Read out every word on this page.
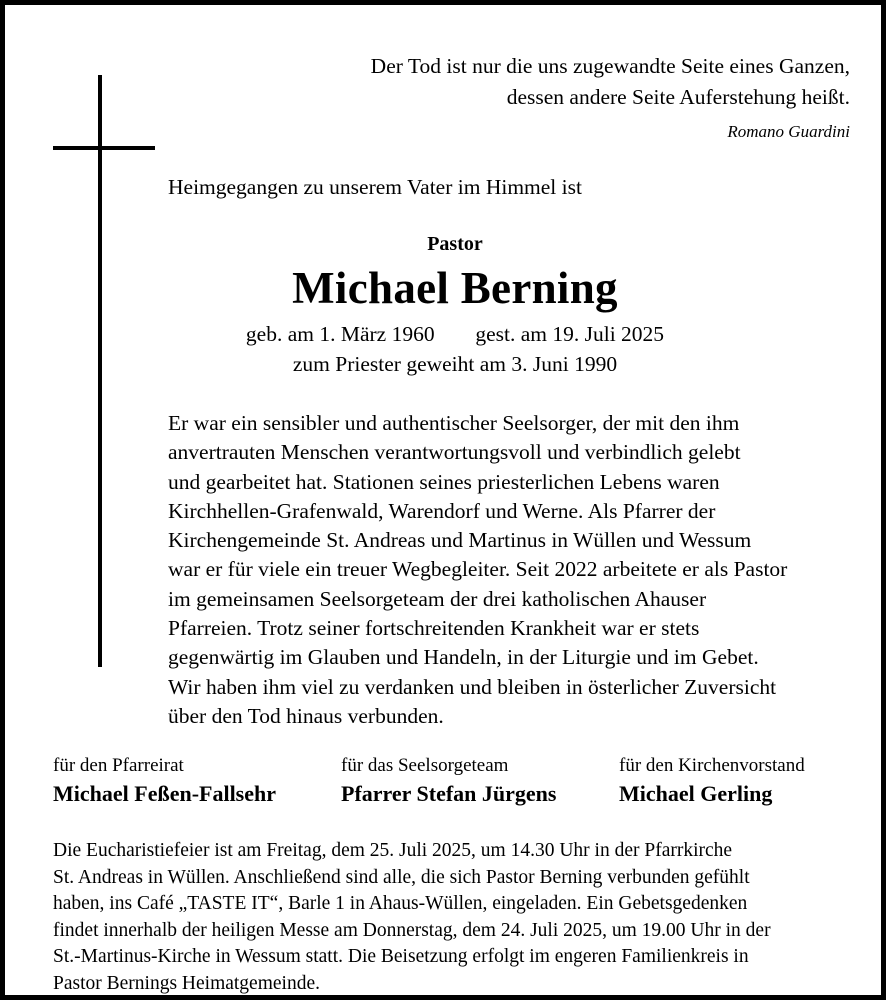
Der Tod ist nur die uns zugewandte Seite eines Ganzen,
dessen andere Seite Auferstehung heißt.
Romano Guardini
Heimgegangen zu unserem Vater im Himmel ist
Pastor
Michael Berning
geb. am 1. März 1960 gest. am 19. Juli 2025
zum Priester geweiht am 3. Juni 1990
Er war ein sensibler und authentischer Seelsorger, der mit den ihm
anvertrauten Menschen verantwortungsvoll und verbindlich gelebt
und gearbeitet hat. Stationen seines priesterlichen Lebens waren
Kirchhellen-Grafenwald, Warendorf und Werne. Als Pfarrer der
Kirchengemeinde St. Andreas und Martinus in Wüllen und Wessum
war er für viele ein treuer Wegbegleiter. Seit 2022 arbeitete er als Pastor
im gemeinsamen Seelsorgeteam der drei katholischen Ahauser
Pfarreien. Trotz seiner fortschreitenden Krankheit war er stets
gegenwärtig im Glauben und Handeln, in der Liturgie und im Gebet.
Wir haben ihm viel zu verdanken und bleiben in österlicher Zuversicht
über den Tod hinaus verbunden.
für den Pfarreirat
Michael Feßen-Fallsehr
für das Seelsorgeteam
Pfarrer Stefan Jürgens
für den Kirchenvorstand
Michael Gerling
Die Eucharistiefeier ist am Freitag, dem 25. Juli 2025, um 14.30 Uhr in der Pfarrkirche
St. Andreas in Wüllen. Anschließend sind alle, die sich Pastor Berning verbunden gefühlt
haben, ins Café „TASTE IT“, Barle 1 in Ahaus-Wüllen, eingeladen. Ein Gebetsgedenken
findet innerhalb der heiligen Messe am Donnerstag, dem 24. Juli 2025, um 19.00 Uhr in der
St.-Martinus-Kirche in Wessum statt. Die Beisetzung erfolgt im engeren Familienkreis in
Pastor Bernings Heimatgemeinde.
